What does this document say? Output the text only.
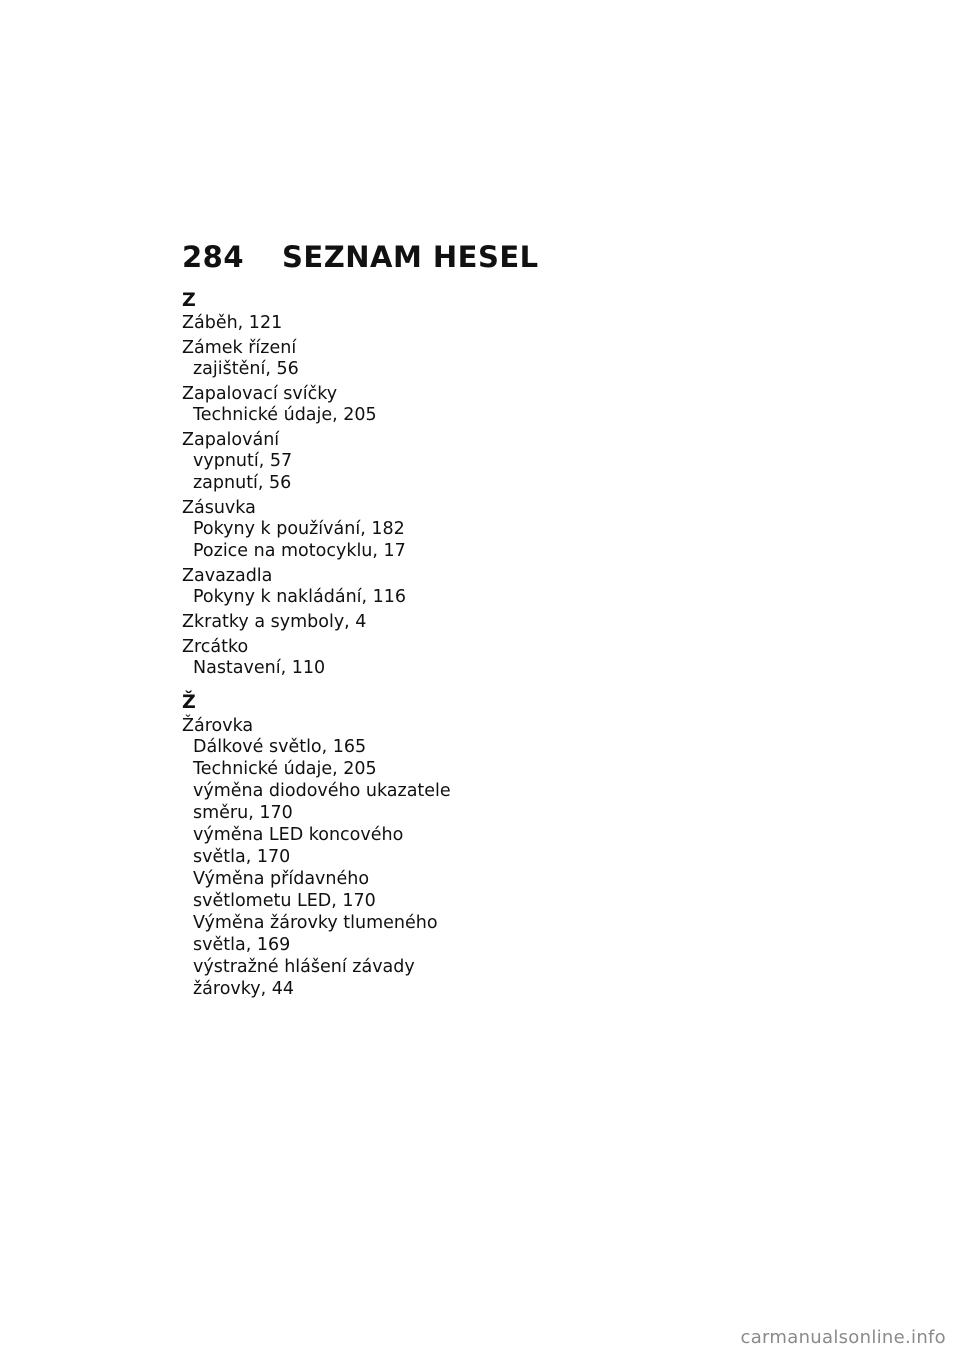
284	SEZNAM HESEL
Z
Záběh, 121
Zámek řízení
zajištění, 56
Zapalovací svíčky
Technické údaje, 205
Zapalování
vypnutí, 57
zapnutí, 56
Zásuvka
Pokyny k používání, 182
Pozice na motocyklu, 17
Zavazadla
Pokyny k nakládání, 116
Zkratky a symboly, 4
Zrcátko
Nastavení, 110
Ž
Žárovka
Dálkové světlo, 165
Technické údaje, 205
výměna diodového ukazatele
směru, 170
výměna LED koncového
světla, 170
Výměna přídavného
světlometu LED, 170
Výměna žárovky tlumeného
světla, 169
výstražné hlášení závady
žárovky, 44
carmanualsonline.info
